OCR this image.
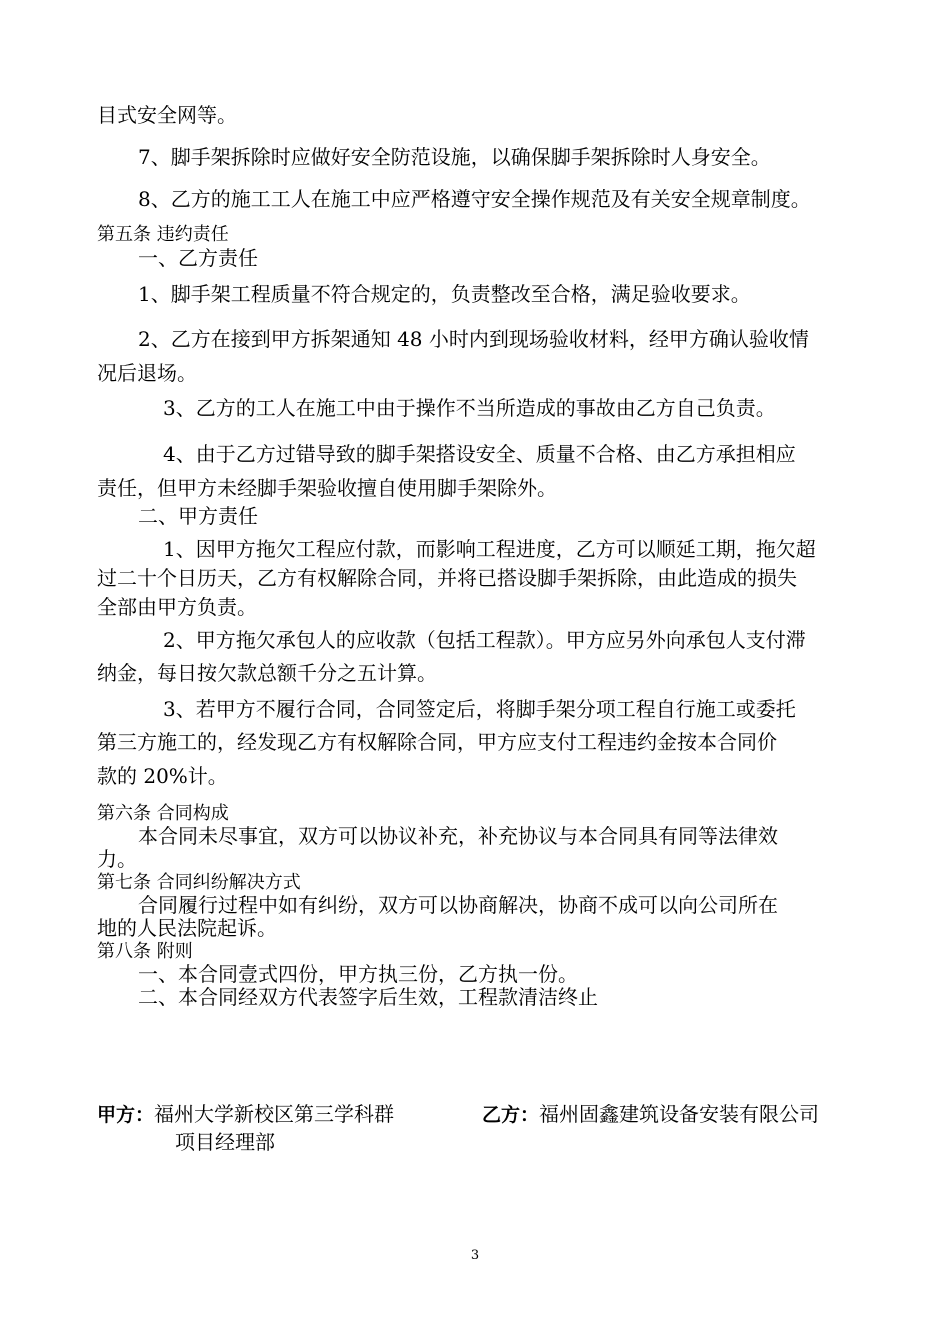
目式安全网等。
7、脚手架拆除时应做好安全防范设施，以确保脚手架拆除时人身安全。
8、乙方的施工工人在施工中应严格遵守安全操作规范及有关安全规章制度。
第五条 违约责任
一、乙方责任
1、脚手架工程质量不符合规定的，负责整改至合格，满足验收要求。
2、乙方在接到甲方拆架通知 48 小时内到现场验收材料，经甲方确认验收情
况后退场。
3、乙方的工人在施工中由于操作不当所造成的事故由乙方自己负责。
4、由于乙方过错导致的脚手架搭设安全、质量不合格、由乙方承担相应
责任，但甲方未经脚手架验收擅自使用脚手架除外。
二、甲方责任
1、因甲方拖欠工程应付款，而影响工程进度，乙方可以顺延工期，拖欠超
过二十个日历天，乙方有权解除合同，并将已搭设脚手架拆除，由此造成的损失
全部由甲方负责。
2、甲方拖欠承包人的应收款（包括工程款）。甲方应另外向承包人支付滞
纳金，每日按欠款总额千分之五计算。
3、若甲方不履行合同，合同签定后，将脚手架分项工程自行施工或委托
第三方施工的，经发现乙方有权解除合同，甲方应支付工程违约金按本合同价
款的 20%计。
第六条 合同构成
本合同未尽事宜，双方可以协议补充，补充协议与本合同具有同等法律效
力。
第七条 合同纠纷解决方式
合同履行过程中如有纠纷，双方可以协商解决，协商不成可以向公司所在
地的人民法院起诉。
第八条 附则
一、本合同壹式四份，甲方执三份，乙方执一份。
二、本合同经双方代表签字后生效，工程款清洁终止
甲方：福州大学新校区第三学科群
项目经理部
乙方：福州固鑫建筑设备安装有限公司
3
